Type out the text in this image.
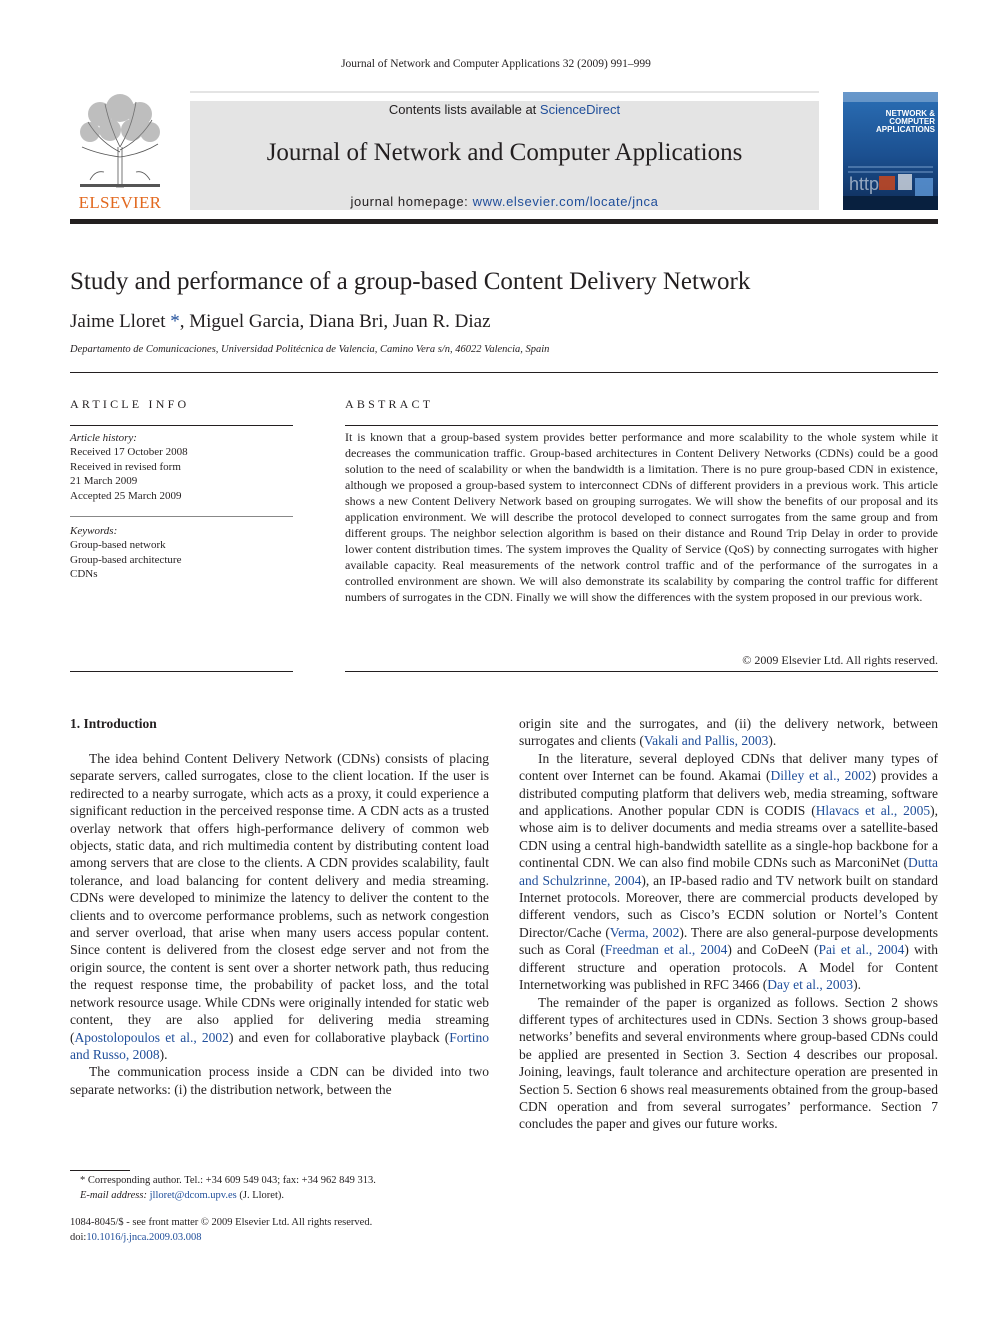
Journal of Network and Computer Applications 32 (2009) 991–999
ELSEVIER
Contents lists available at ScienceDirect
Journal of Network and Computer Applications
journal homepage: www.elsevier.com/locate/jnca
http
NETWORK &
COMPUTER
APPLICATIONS
Study and performance of a group-based Content Delivery Network
Jaime Lloret *, Miguel Garcia, Diana Bri, Juan R. Diaz
Departamento de Comunicaciones, Universidad Politécnica de Valencia, Camino Vera s/n, 46022 Valencia, Spain
ARTICLE INFO
Article history:
Received 17 October 2008
Received in revised form
21 March 2009
Accepted 25 March 2009
Keywords:
Group-based network
Group-based architecture
CDNs
ABSTRACT

It is known that a group-based system provides better performance and more scalability to the whole system while it decreases the communication traffic. Group-based architectures in Content Delivery Networks (CDNs) could be a good solution to the need of scalability or when the bandwidth is a limitation. There is no pure group-based CDN in existence, although we proposed a group-based system to interconnect CDNs of different providers in a previous work. This article shows a new Content Delivery Network based on grouping surrogates. We will show the benefits of our proposal and its application environment. We will describe the protocol developed to connect surrogates from the same group and from different groups. The neighbor selection algorithm is based on their distance and Round Trip Delay in order to provide lower content distribution times. The system improves the Quality of Service (QoS) by connecting surrogates with higher available capacity. Real measurements of the network control traffic and of the performance of the surrogates in a controlled environment are shown. We will also demonstrate its scalability by comparing the control traffic for different numbers of surrogates in the CDN. Finally we will show the differences with the system proposed in our previous work.

© 2009 Elsevier Ltd. All rights reserved.
1. Introduction

The idea behind Content Delivery Network (CDNs) consists of placing separate servers, called surrogates, close to the client location. If the user is redirected to a nearby surrogate, which acts as a proxy, it could experience a significant reduction in the perceived response time. A CDN acts as a trusted overlay network that offers high-performance delivery of common web objects, static data, and rich multimedia content by distributing content load among servers that are close to the clients. A CDN provides scalability, fault tolerance, and load balancing for content delivery and media streaming. CDNs were developed to minimize the latency to deliver the content to the clients and to overcome performance problems, such as network congestion and server overload, that arise when many users access popular content. Since content is delivered from the closest edge server and not from the origin source, the content is sent over a shorter network path, thus reducing the request response time, the probability of packet loss, and the total network resource usage. While CDNs were originally intended for static web content, they are also applied for delivering media streaming (Apostolopoulos et al., 2002) and even for collaborative playback (Fortino and Russo, 2008).

The communication process inside a CDN can be divided into two separate networks: (i) the distribution network, between the

origin site and the surrogates, and (ii) the delivery network, between surrogates and clients (Vakali and Pallis, 2003).

In the literature, several deployed CDNs that deliver many types of content over Internet can be found. Akamai (Dilley et al., 2002) provides a distributed computing platform that delivers web, media streaming, software and applications. Another popular CDN is CODIS (Hlavacs et al., 2005), whose aim is to deliver documents and media streams over a satellite-based CDN using a central high-bandwidth satellite as a single-hop backbone for a continental CDN. We can also find mobile CDNs such as MarconiNet (Dutta and Schulzrinne, 2004), an IP-based radio and TV network built on standard Internet protocols. Moreover, there are commercial products developed by different vendors, such as Cisco’s ECDN solution or Nortel’s Content Director/Cache (Verma, 2002). There are also general-purpose developments such as Coral (Freedman et al., 2004) and CoDeeN (Pai et al., 2004) with different structure and operation protocols. A Model for Content Internetworking was published in RFC 3466 (Day et al., 2003).

The remainder of the paper is organized as follows. Section 2 shows different types of architectures used in CDNs. Section 3 shows group-based networks’ benefits and several environments where group-based CDNs could be applied are presented in Section 3. Section 4 describes our proposal. Joining, leavings, fault tolerance and architecture operation are presented in Section 5. Section 6 shows real measurements obtained from the group-based CDN operation and from several surrogates’ performance. Section 7 concludes the paper and gives our future works.

* Corresponding author. Tel.: +34 609 549 043; fax: +34 962 849 313.
E-mail address: jlloret@dcom.upv.es (J. Lloret).
1084-8045/$ - see front matter © 2009 Elsevier Ltd. All rights reserved.
doi:10.1016/j.jnca.2009.03.008
